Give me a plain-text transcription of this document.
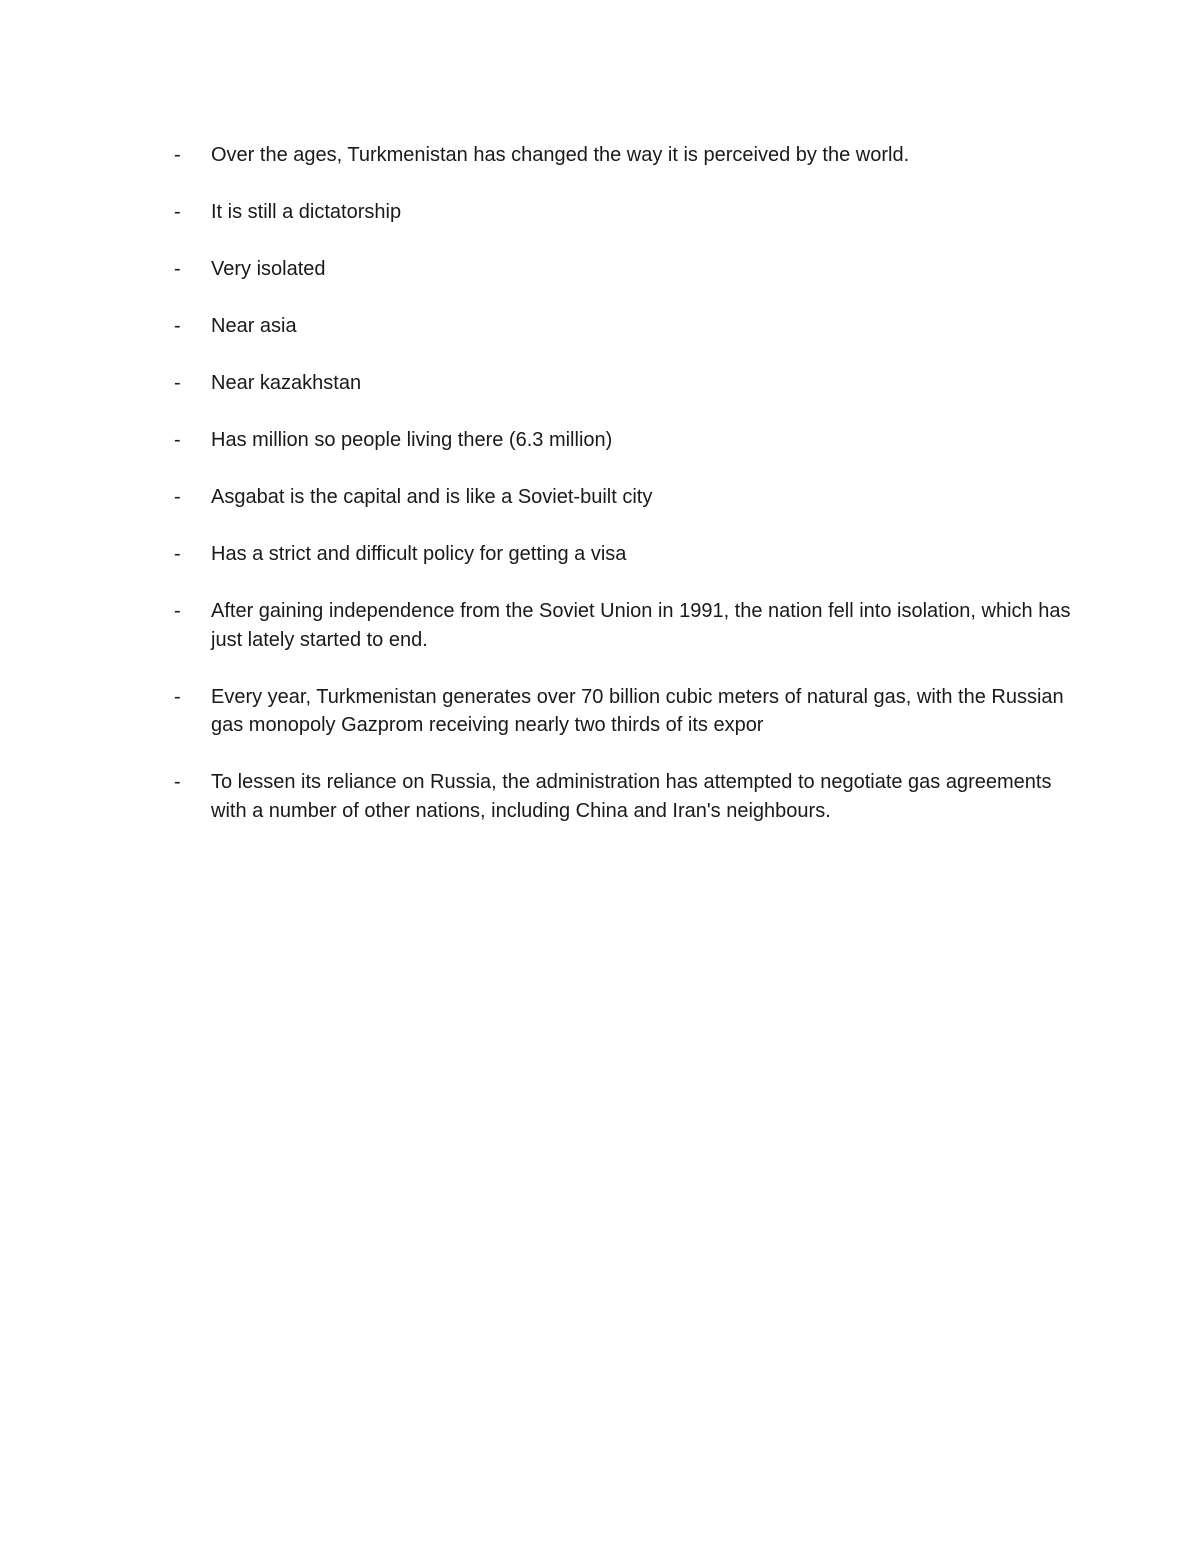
-	Over the ages, Turkmenistan has changed the way it is perceived by the world.
-	It is still a dictatorship
-	Very isolated
-	Near asia
-	Near kazakhstan
-	Has million so people living there (6.3 million)
-	Asgabat is the capital and is like a Soviet-built city
-	Has a strict and difficult policy for getting a visa
-	After gaining independence from the Soviet Union in 1991, the nation fell into isolation, which has just lately started to end.
-	Every year, Turkmenistan generates over 70 billion cubic meters of natural gas, with the Russian gas monopoly Gazprom receiving nearly two thirds of its expor
-	To lessen its reliance on Russia, the administration has attempted to negotiate gas agreements with a number of other nations, including China and Iran's neighbours.
